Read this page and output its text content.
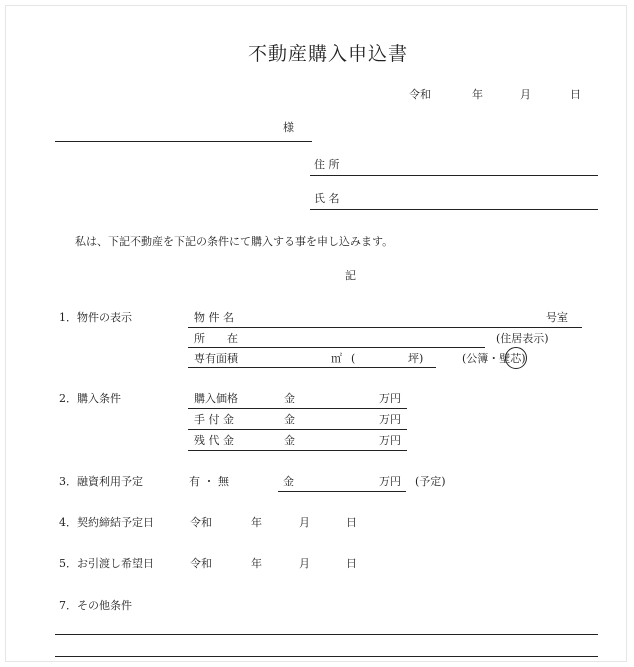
不動産購入申込書
令和	年	月	日
様
住 所
氏 名
私は、下記不動産を下記の条件にて購入する事を申し込みます。
記
1．物件の表示	物 件 名	号室
所　　在	(住居表示)
専有面積	㎡ (	坪)	(公簿・壁芯)
2．購入条件	購入価格	金	万円
手 付 金	金	万円
残 代 金	金	万円
3．融資利用予定	有 ・ 無	金	万円 (予定)
4．契約締結予定日	令和	年	月	日
5．お引渡し希望日	令和	年	月	日
7．その他条件
